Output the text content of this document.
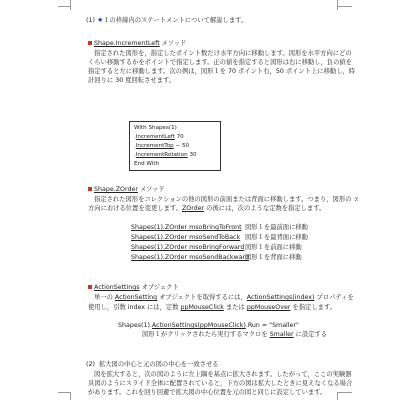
(1) ★１の枠線内のステートメントについて解説します。
Shape.IncrementLeft メソッド
指定された図形を，指定したポイント数だけ水平方向に移動します。図形を水平方向にどの
くらい移動するかをポイントで指定します。正の値を指定すると図形は右に移動し，負の値を
指定すると左に移動します。次の例は，図形１を 70 ポイント右，50 ポイント上に移動し，時
計回りに 30 度回転させます。
With Shapes(1)
.IncrementLeft 70
.IncrementTop − 50
.IncrementRotation 30
End With
Shape.ZOrder メソッド
指定された図形をコレクションの他の図形の前面または背面に移動します。つまり，図形の ｚ
方向における位置を変更します。ZOrder の後には，次のような定数を指定します。
Shapes(1).ZOrder msoBringToFront 図形１を最前面に移動
Shapes(1).ZOrder msoSendToBack 図形１を最背面に移動
Shapes(1).ZOrder msoBringForward 図形１を前面に移動
Shapes(1).ZOrder msoSendBackward
図形１を背面に移動
ActionSettings オブジェクト
単一の ActionSetting オブジェクトを取得するには，ActionSettings(index) プロパティを
使用し，引数 index には，定数 ppMouseClick または ppMouseOver を指定します。
Shapes(1).ActionSettings(ppMouseClick).Run = "Smaller"
図形１がクリックされたら実行するマクロを Smaller に設定する
(2) 拡大図の中心と元の図の中心を一致させる
図を拡大すると，次の図のように左上隅を基点に拡大されます。したがって，ここの実験器
具図のようにスライド全体に配置されていると，下方の図は拡大したときに見えなくなる場合
があります。これを回り回避で拡大図の中心位置を元の図と同じに設定しています。
